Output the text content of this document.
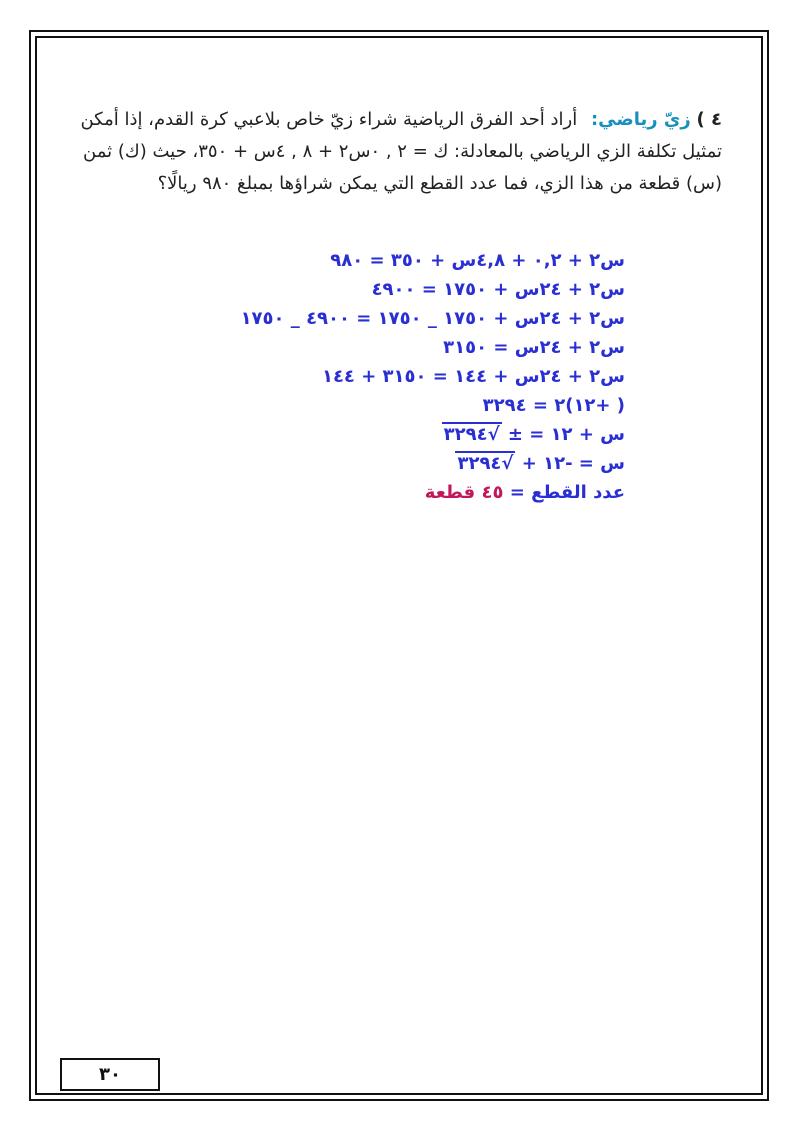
٤ ) زيّ رياضي: أراد أحد الفرق الرياضية شراء زيّ خاص بلاعبي كرة القدم، إذا أمكن تمثيل تكلفة الزي الرياضي بالمعادلة: ك = ٢ , ٠س٢ + ٨ , ٤س + ٣٥٠، حيث (ك) ثمن (س) قطعة من هذا الزي، فما عدد القطع التي يمكن شراؤها بمبلغ ٩٨٠ ريالًا؟
س٢ + ٠,٢ + ٤,٨س + ٣٥٠ = ٩٨٠
س٢ + ٢٤س + ١٧٥٠ = ٤٩٠٠
س٢ + ٢٤س + ١٧٥٠ _ ١٧٥٠ = ٤٩٠٠ _ ١٧٥٠
س٢ + ٢٤س = ٣١٥٠
س٢ + ٢٤س + ١٤٤ = ٣١٥٠ + ١٤٤
( +١٢)٢ = ٣٢٩٤
س + ١٢ = ± √٣٢٩٤
س = -١٢ + √٣٢٩٤
عدد القطع = ٤٥ قطعة
٣٠
